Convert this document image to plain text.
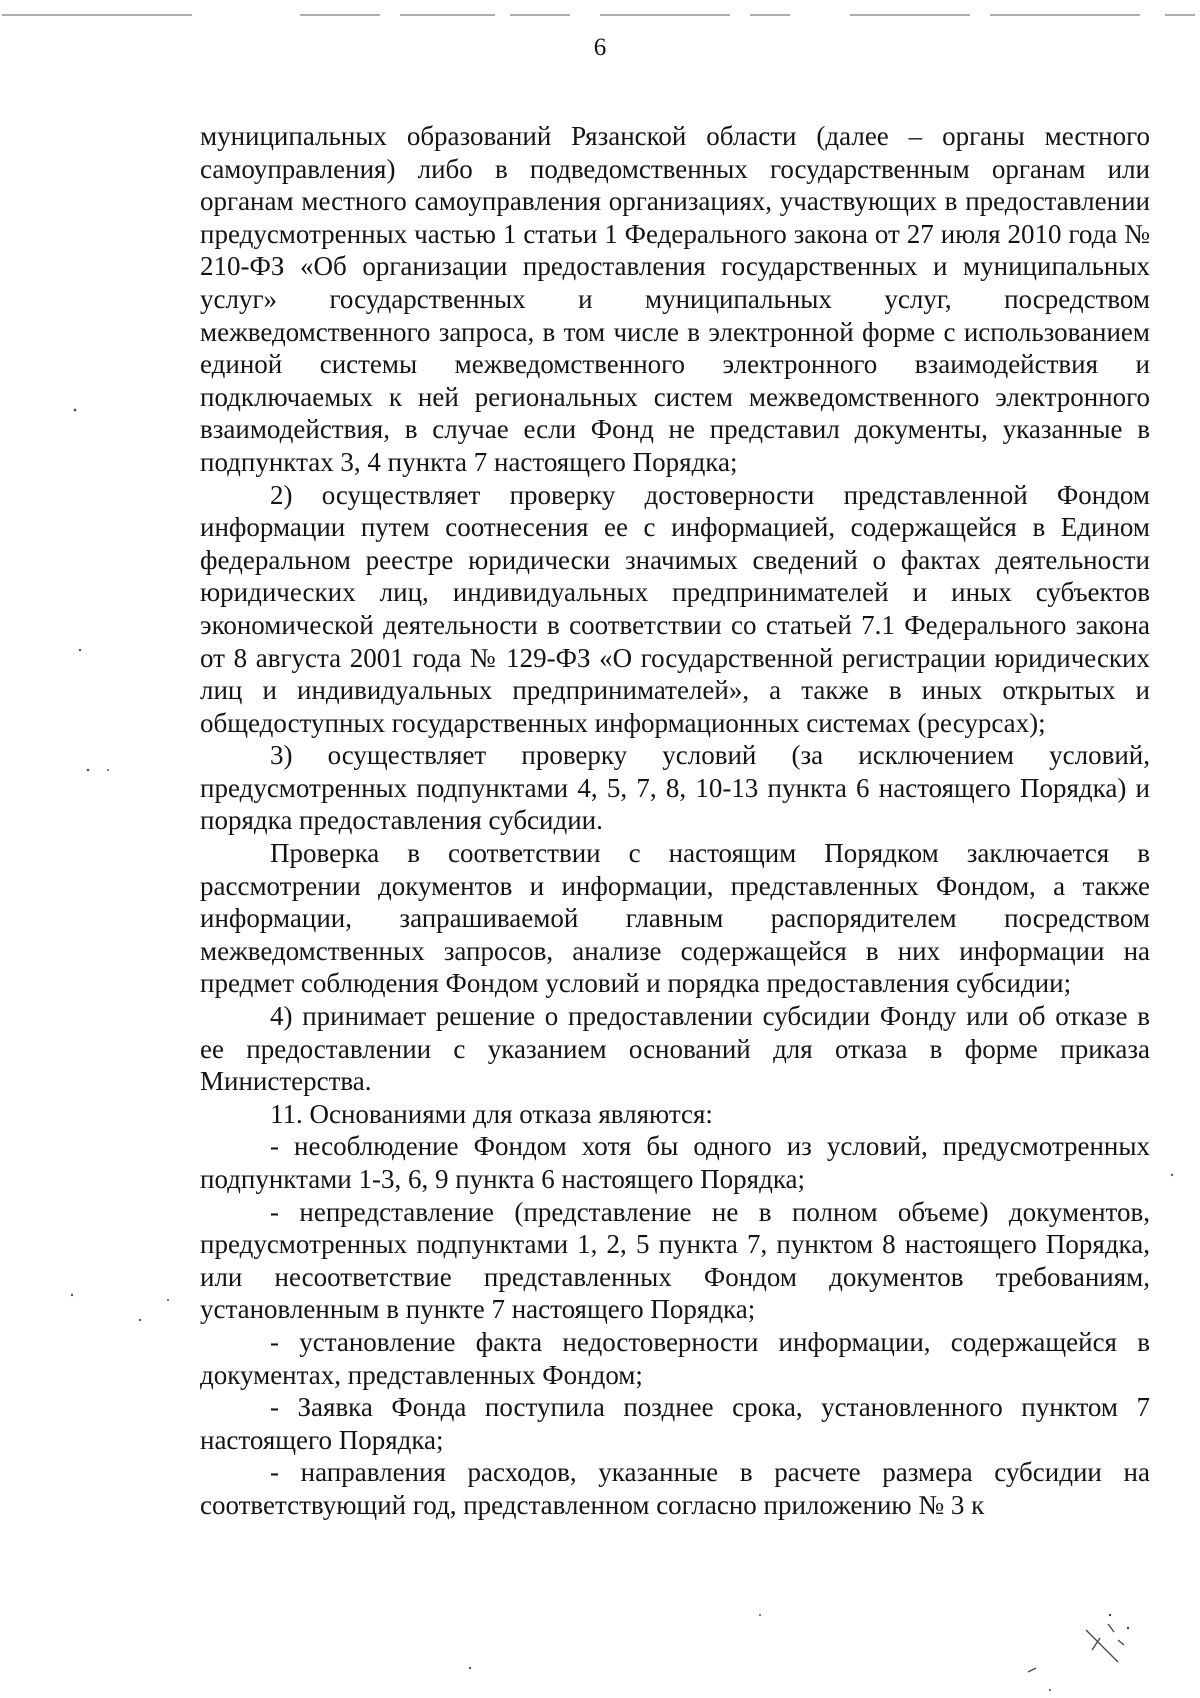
6

муниципальных образований Рязанской области (далее – органы местного самоуправления) либо в подведомственных государственным органам или органам местного самоуправления организациях, участвующих в предоставлении предусмотренных частью 1 статьи 1 Федерального закона от 27 июля 2010 года № 210-ФЗ «Об организации предоставления государственных и муниципальных услуг» государственных и муниципальных услуг, посредством межведомственного запроса, в том числе в электронной форме с использованием единой системы межведомственного электронного взаимодействия и подключаемых к ней региональных систем межведомственного электронного взаимодействия, в случае если Фонд не представил документы, указанные в подпунктах 3, 4 пункта 7 настоящего Порядка;

2) осуществляет проверку достоверности представленной Фондом информации путем соотнесения ее с информацией, содержащейся в Едином федеральном реестре юридически значимых сведений о фактах деятельности юридических лиц, индивидуальных предпринимателей и иных субъектов экономической деятельности в соответствии со статьей 7.1 Федерального закона от 8 августа 2001 года № 129-ФЗ «О государственной регистрации юридических лиц и индивидуальных предпринимателей», а также в иных открытых и общедоступных государственных информационных системах (ресурсах);

3) осуществляет проверку условий (за исключением условий, предусмотренных подпунктами 4, 5, 7, 8, 10-13 пункта 6 настоящего Порядка) и порядка предоставления субсидии.

Проверка в соответствии с настоящим Порядком заключается в рассмотрении документов и информации, представленных Фондом, а также информации, запрашиваемой главным распорядителем посредством межведомственных запросов, анализе содержащейся в них информации на предмет соблюдения Фондом условий и порядка предоставления субсидии;

4) принимает решение о предоставлении субсидии Фонду или об отказе в ее предоставлении с указанием оснований для отказа в форме приказа Министерства.

11. Основаниями для отказа являются:

- несоблюдение Фондом хотя бы одного из условий, предусмотренных подпунктами 1-3, 6, 9 пункта 6 настоящего Порядка;

- непредставление (представление не в полном объеме) документов, предусмотренных подпунктами 1, 2, 5 пункта 7, пунктом 8 настоящего Порядка, или несоответствие представленных Фондом документов требованиям, установленным в пункте 7 настоящего Порядка;

- установление факта недостоверности информации, содержащейся в документах, представленных Фондом;

- Заявка Фонда поступила позднее срока, установленного пунктом 7 настоящего Порядка;

- направления расходов, указанные в расчете размера субсидии на соответствующий год, представленном согласно приложению № 3 к
